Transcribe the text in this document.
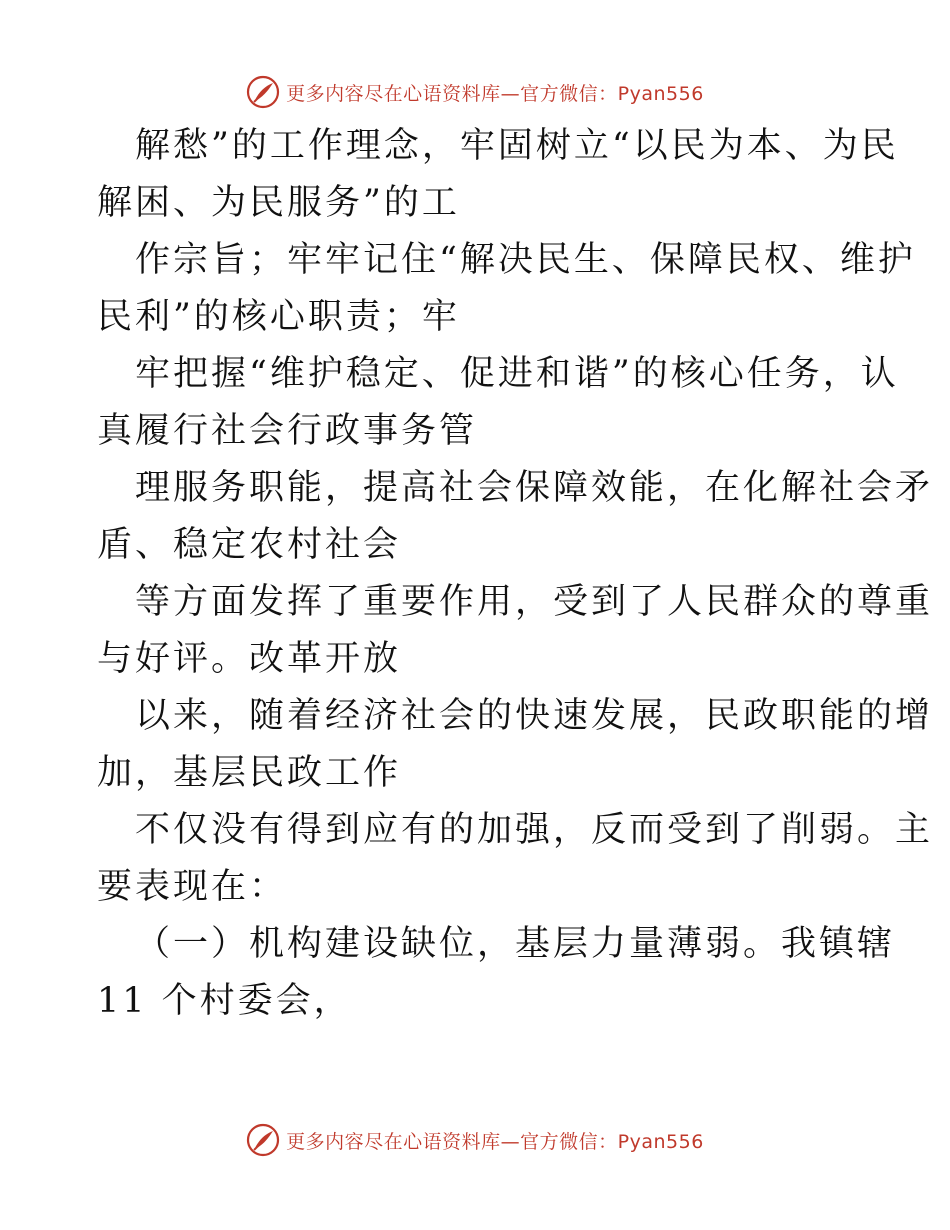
更多内容尽在心语资料库—官方微信：Pyan556

解愁”的工作理念，牢固树立“以民为本、为民
解困、为民服务”的工

作宗旨；牢牢记住“解决民生、保障民权、维护
民利”的核心职责；牢

牢把握“维护稳定、促进和谐”的核心任务，认
真履行社会行政事务管

理服务职能，提高社会保障效能，在化解社会矛
盾、稳定农村社会

等方面发挥了重要作用，受到了人民群众的尊重
与好评。改革开放

以来，随着经济社会的快速发展，民政职能的增
加，基层民政工作

不仅没有得到应有的加强，反而受到了削弱。主
要表现在：

（一）机构建设缺位，基层力量薄弱。我镇辖
11 个村委会，

更多内容尽在心语资料库—官方微信：Pyan556
